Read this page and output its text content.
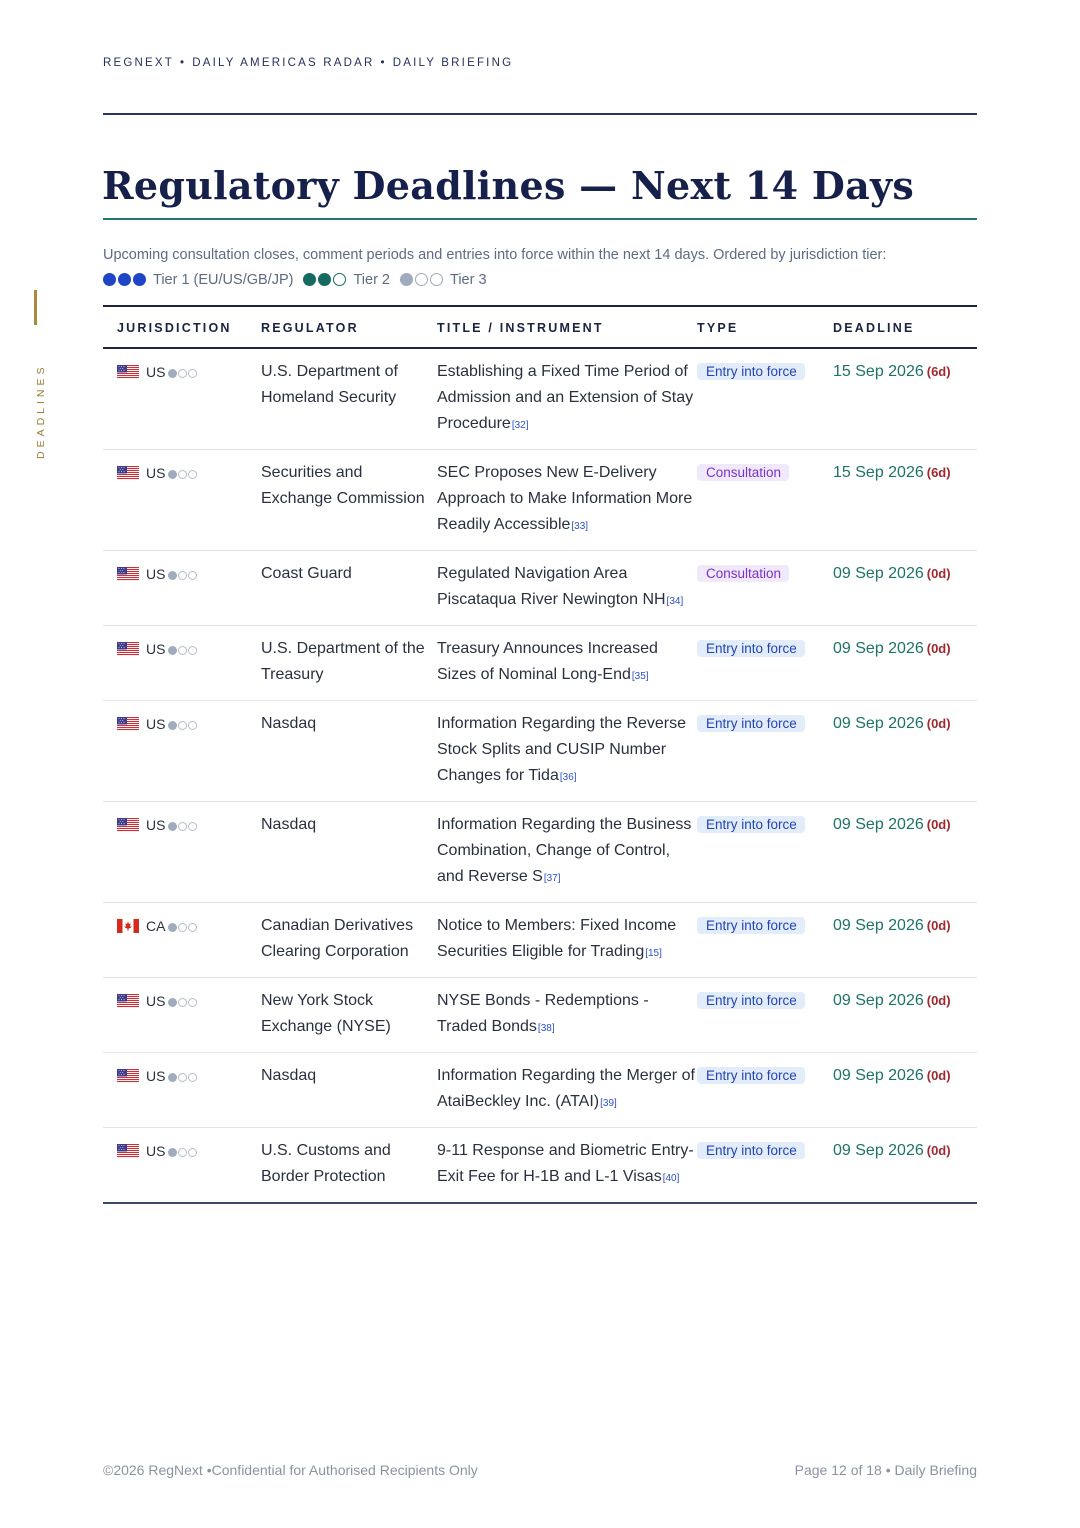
REGNEXT • DAILY AMERICAS RADAR • DAILY BRIEFING
DEADLINES
Regulatory Deadlines — Next 14 Days
Upcoming consultation closes, comment periods and entries into force within the next 14 days. Ordered by jurisdiction tier:
Tier 1 (EU/US/GB/JP)	Tier 2	Tier 3
JURISDICTION	REGULATOR	TITLE / INSTRUMENT	TYPE	DEADLINE
US	U.S. Department of Homeland Security	Establishing a Fixed Time Period of Admission and an Extension of Stay Procedure[32]	Entry into force	15 Sep 2026 (6d)
US	Securities and Exchange Commission	SEC Proposes New E-Delivery Approach to Make Information More Readily Accessible[33]	Consultation	15 Sep 2026 (6d)
US	Coast Guard	Regulated Navigation Area Piscataqua River Newington NH[34]	Consultation	09 Sep 2026 (0d)
US	U.S. Department of the Treasury	Treasury Announces Increased Sizes of Nominal Long-End[35]	Entry into force	09 Sep 2026 (0d)
US	Nasdaq	Information Regarding the Reverse Stock Splits and CUSIP Number Changes for Tida[36]	Entry into force	09 Sep 2026 (0d)
US	Nasdaq	Information Regarding the Business Combination, Change of Control, and Reverse S[37]	Entry into force	09 Sep 2026 (0d)
CA	Canadian Derivatives Clearing Corporation	Notice to Members: Fixed Income Securities Eligible for Trading[15]	Entry into force	09 Sep 2026 (0d)
US	New York Stock Exchange (NYSE)	NYSE Bonds - Redemptions - Traded Bonds[38]	Entry into force	09 Sep 2026 (0d)
US	Nasdaq	Information Regarding the Merger of AtaiBeckley Inc. (ATAI)[39]	Entry into force	09 Sep 2026 (0d)
US	U.S. Customs and Border Protection	9-11 Response and Biometric Entry-Exit Fee for H-1B and L-1 Visas[40]	Entry into force	09 Sep 2026 (0d)
©2026 RegNext •Confidential for Authorised Recipients Only	Page 12 of 18 • Daily Briefing
